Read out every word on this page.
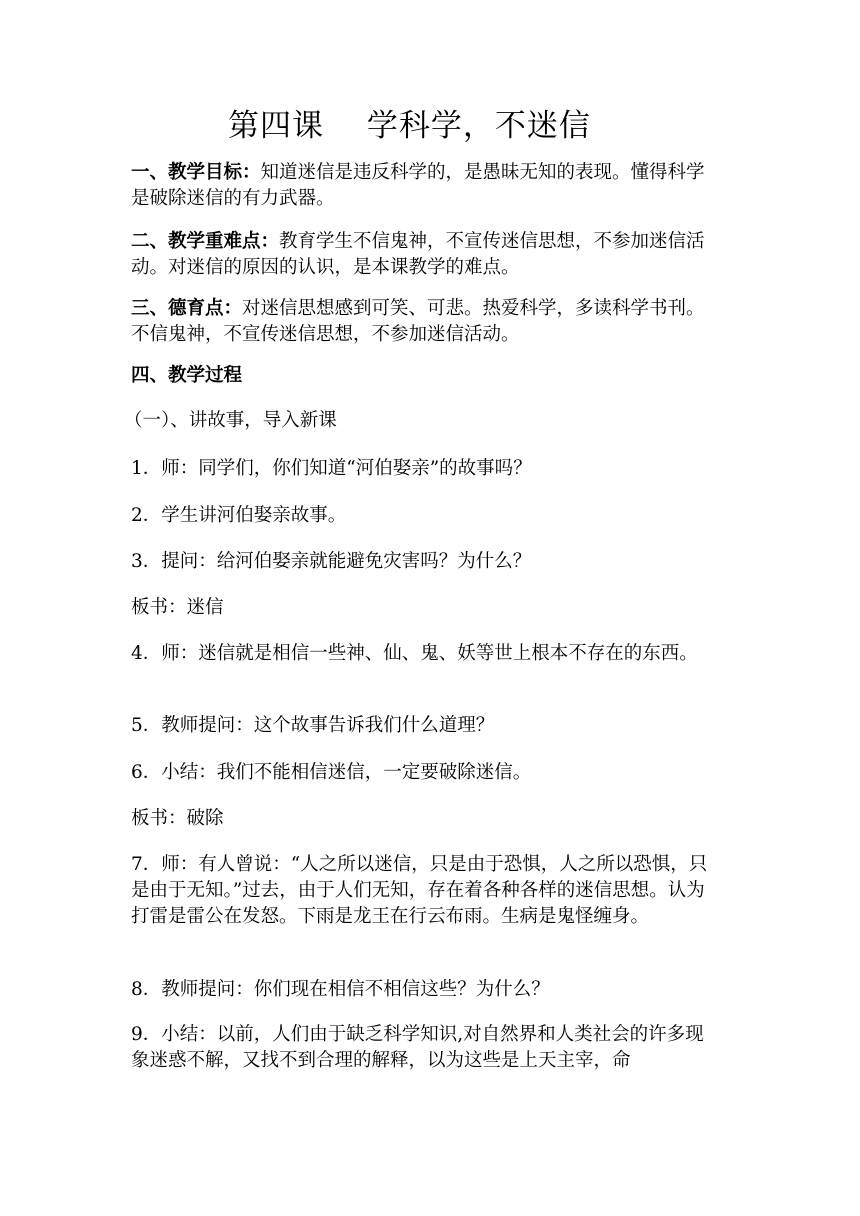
第四课　 学科学，不迷信

一、教学目标：知道迷信是违反科学的，是愚昧无知的表现。懂得科学是破除迷信的有力武器。

二、教学重难点：教育学生不信鬼神，不宣传迷信思想，不参加迷信活动。对迷信的原因的认识，是本课教学的难点。

三、德育点：对迷信思想感到可笑、可悲。热爱科学，多读科学书刊。不信鬼神，不宣传迷信思想，不参加迷信活动。

四、教学过程

（一）、讲故事，导入新课

1．师：同学们，你们知道“河伯娶亲”的故事吗？

2．学生讲河伯娶亲故事。

3．提问：给河伯娶亲就能避免灾害吗？为什么？

板书：迷信

4．师：迷信就是相信一些神、仙、鬼、妖等世上根本不存在的东西。

5．教师提问：这个故事告诉我们什么道理？

6．小结：我们不能相信迷信，一定要破除迷信。

板书：破除

7．师：有人曾说：“人之所以迷信，只是由于恐惧，人之所以恐惧，只是由于无知。”过去，由于人们无知，存在着各种各样的迷信思想。认为打雷是雷公在发怒。下雨是龙王在行云布雨。生病是鬼怪缠身。

8．教师提问：你们现在相信不相信这些？为什么？

9．小结：以前，人们由于缺乏科学知识,对自然界和人类社会的许多现象迷惑不解，又找不到合理的解释，以为这些是上天主宰，命
